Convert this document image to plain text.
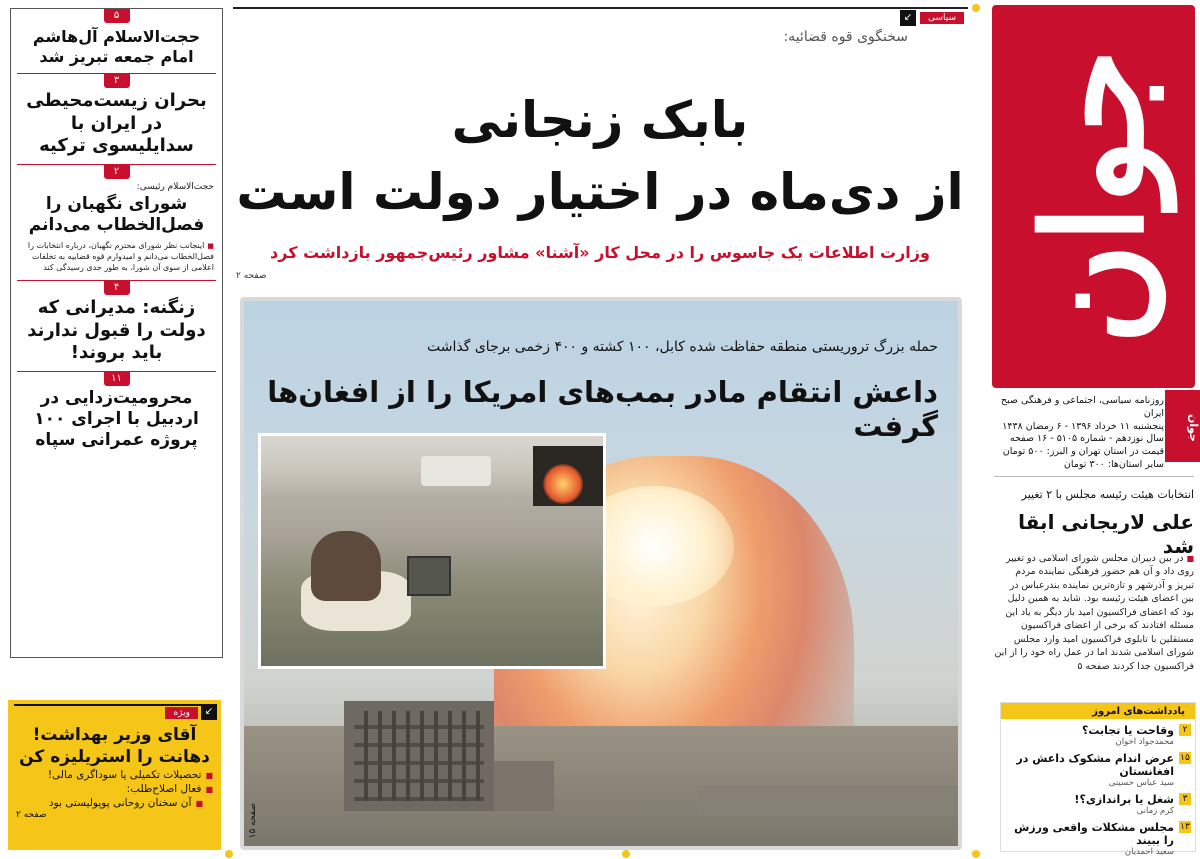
۵
حجت‌الاسلام آل‌هاشم امام جمعه تبریز شد
۳
بحران زیست‌محیطی در ایران با سدایلیسوی ترکیه
۲
حجت‌الاسلام رئیسی:
شورای نگهبان را فصل‌الخطاب می‌دانم
■ اینجانب نظر شورای محترم نگهبان، درباره انتخابات را فصل‌الخطاب می‌دانم و امیدوارم قوه قضاییه به تخلفات اعلامی از سوی آن شورا، به طور جدی رسیدگی کند
۴
زنگنه: مدیرانی که دولت را قبول ندارند باید بروند!
۱۱
محرومیت‌زدایی در اردبیل با اجرای ۱۰۰ پروژه عمرانی سپاه
ویژه	↙
آقای وزیر بهداشت!
دهانت را استریلیزه کن
■ تحصیلات تکمیلی یا سوداگری مالی!
■ فعال اصلاح‌طلب:
■ آن سخنان روحانی پوپولیستی بود
صفحه ۲
سیاسی
↙
سخنگوی قوه قضائیه:
بابک زنجانی
از دی‌ماه در اختیار دولت است
وزارت اطلاعات یک جاسوس را در محل کار «آشنا» مشاور رئیس‌جمهور بازداشت کرد
صفحه ۲
حمله بزرگ تروریستی منطقه حفاظت شده کابل، ۱۰۰ کشته و ۴۰۰ زخمی برجای گذاشت
داعش انتقام مادر بمب‌های امریکا را از افغان‌ها گرفت
صفحه ۱۵
جوان
روزنامه سیاسی، اجتماعی و فرهنگی صبح ایران
پنجشنبه ۱۱ خرداد ۱۳۹۶ - ۶ رمضان ۱۴۳۸
سال نوزدهم - شماره ۵۱۰۵ - ۱۶ صفحه
قیمت در استان تهران و البرز: ۵۰۰ تومان
سایر استان‌ها: ۳۰۰ تومان
جوان
انتخابات هیئت رئیسه مجلس با ۲ تغییر
علی لاریجانی ابقا شد
■ در بین دبیران مجلس شورای اسلامی دو تغییر روی داد و آن هم حضور فرهنگی نماینده مردم تبریز و آذرشهر و تازه‌ترین نماینده بندرعباس در بین اعضای هیئت رئیسه بود. شاید به همین دلیل بود که اعضای فراکسیون امید باز دیگر به یاد این مسئله افتادند که برخی از اعضای فراکسیون مستقلین با تابلوی فراکسیون امید وارد مجلس شورای اسلامی شدند اما در عمل راه خود را از این فراکسیون جدا کردند صفحه ۵
یادداشت‌های امروز
۲
وقاحت یا تجابت؟
محمدجواد اخوان
۱۵
عرض اندام مشکوک داعش در افغانستان
سید عباس حسینی
۳
شغل یا براندازی؟!
کرم زمانی
۱۳
مجلس مشکلات واقعی ورزش را ببیند
سعید احمدیان
